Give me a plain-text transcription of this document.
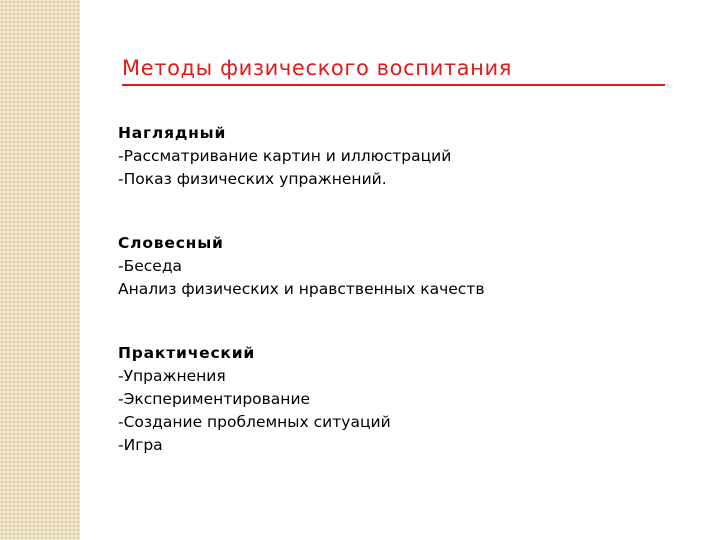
Методы физического воспитания
Наглядный
-Рассматривание картин и иллюстраций
-Показ физических упражнений.
Словесный
-Беседа
Анализ физических и нравственных качеств
Практический
-Упражнения
-Экспериментирование
-Создание проблемных ситуаций
-Игра
